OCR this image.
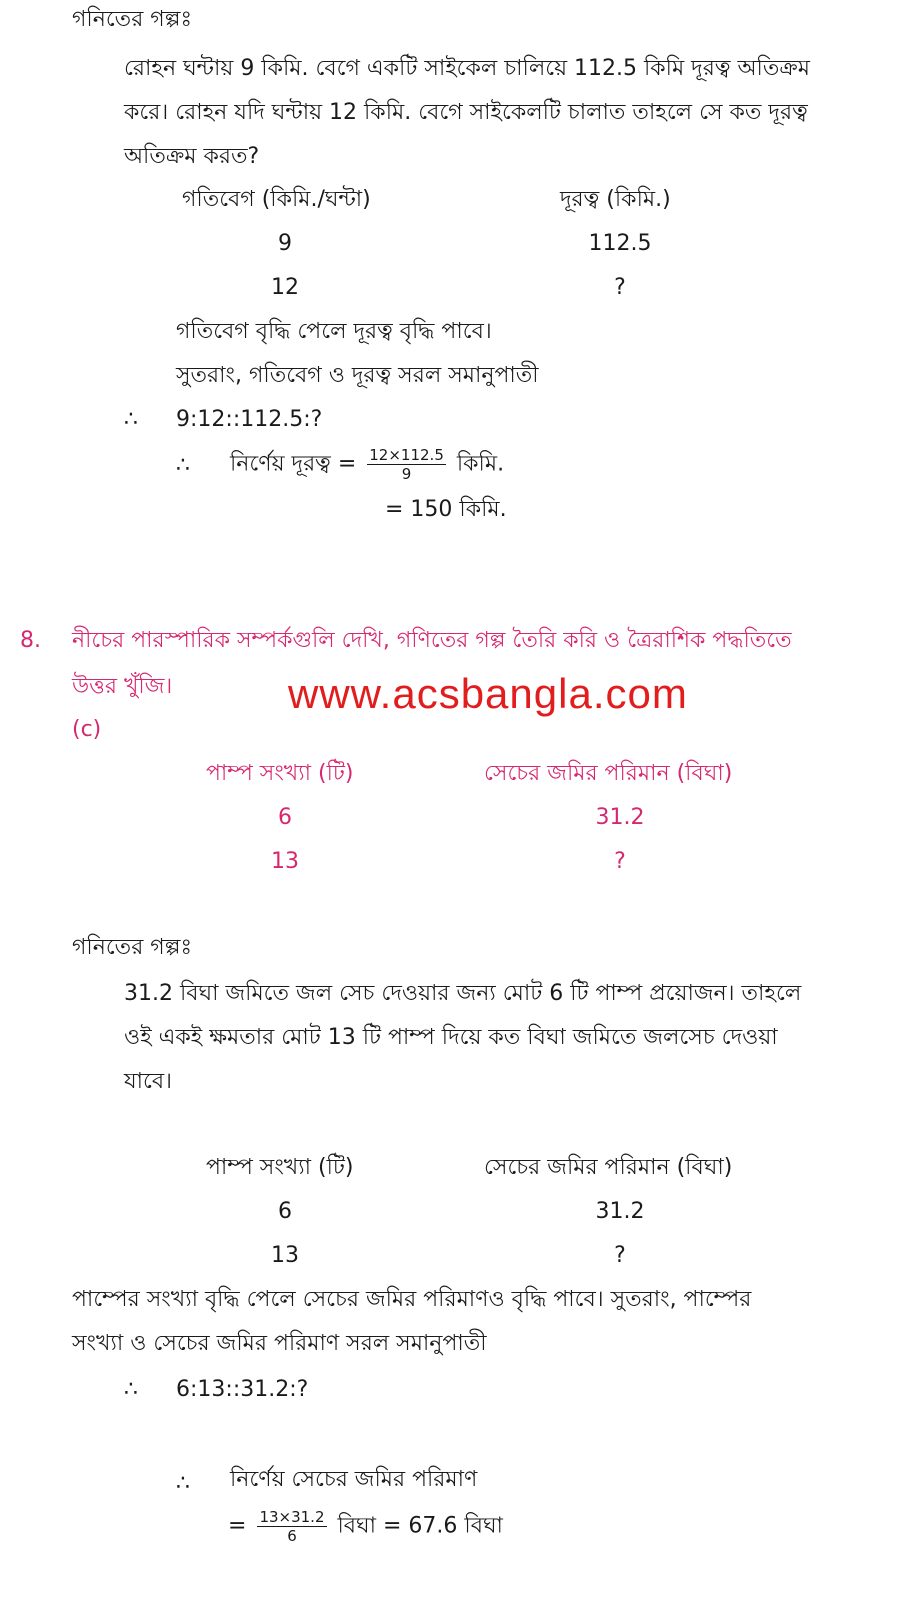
গনিতের গল্পঃ
রোহন ঘন্টায় 9 কিমি. বেগে একটি সাইকেল চালিয়ে 112.5 কিমি দূরত্ব অতিক্রম
করে। রোহন যদি ঘন্টায় 12 কিমি. বেগে সাইকেলটি চালাত তাহলে সে কত দূরত্ব
অতিক্রম করত?
গতিবেগ (কিমি./ঘন্টা)	দূরত্ব (কিমি.)
9	112.5
12	?
গতিবেগ বৃদ্ধি পেলে দূরত্ব বৃদ্ধি পাবে।
সুতরাং, গতিবেগ ও দূরত্ব সরল সমানুপাতী
∴ 9:12::112.5:?
∴ নির্ণেয় দূরত্ব = $\frac{12\times 112.5}{9}$ কিমি.
= 150 কিমি.
8. নীচের পারস্পারিক সম্পর্কগুলি দেখি, গণিতের গল্প তৈরি করি ও ত্রৈরাশিক পদ্ধতিতে
উত্তর খুঁজি।	www.acsbangla.com
(c)
পাম্প সংখ্যা (টি)	সেচের জমির পরিমান (বিঘা)
6	31.2
13	?
গনিতের গল্পঃ
31.2 বিঘা জমিতে জল সেচ দেওয়ার জন্য মোট 6 টি পাম্প প্রয়োজন। তাহলে
ওই একই ক্ষমতার মোট 13 টি পাম্প দিয়ে কত বিঘা জমিতে জলসেচ দেওয়া
যাবে।
পাম্প সংখ্যা (টি)	সেচের জমির পরিমান (বিঘা)
6	31.2
13	?
পাম্পের সংখ্যা বৃদ্ধি পেলে সেচের জমির পরিমাণও বৃদ্ধি পাবে। সুতরাং, পাম্পের
সংখ্যা ও সেচের জমির পরিমাণ সরল সমানুপাতী
∴ 6:13::31.2:?
∴ নির্ণেয় সেচের জমির পরিমাণ
= $\frac{13\times 31.2}{6}$ বিঘা = 67.6 বিঘা
